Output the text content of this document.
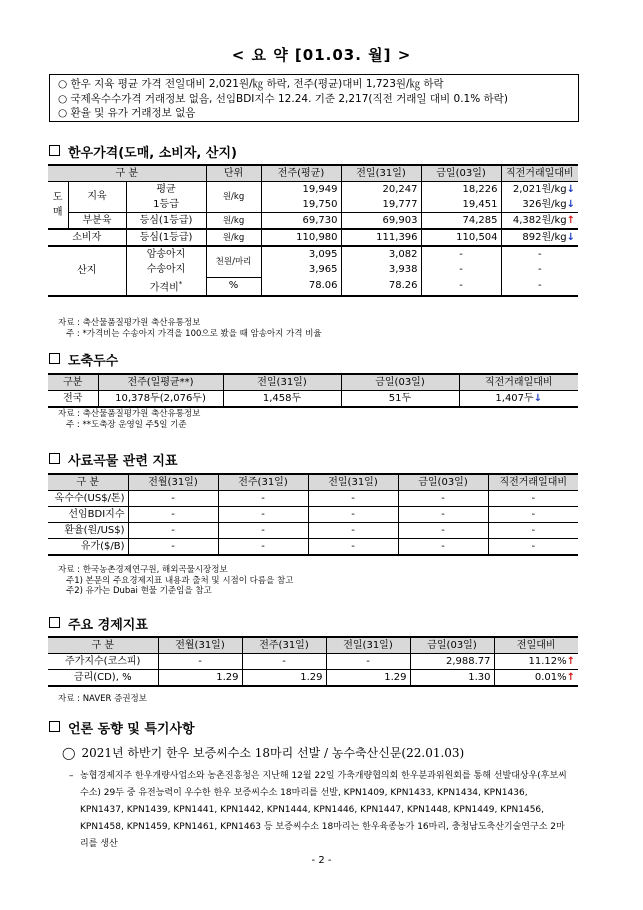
< 요 약 [01.03. 월] >
○ 한우 지육 평균 가격 전일대비 2,021원/㎏ 하락, 전주(평균)대비 1,723원/㎏ 하락
○ 국제옥수수가격 거래정보 없음, 선임BDI지수 12.24. 기준 2,217(직전 거래일 대비 0.1% 하락)
○ 환율 및 유가 거래정보 없음
한우가격(도매, 소비자, 산지)
구 분			단위	전주(평균)	전일(31일)	금일(03일)	직전거래일대비
도
매	지육	평균	원/kg	19,949	20,247	18,226	2,021원/kg↓
		1등급		19,750	19,777	19,451	326원/kg↓
	부분육	등심(1등급)	원/kg	69,730	69,903	74,285	4,382원/kg↑
소비자		등심(1등급)	원/kg	110,980	111,396	110,504	892원/kg↓
산지		암송아지	천원/마리	3,095	3,082	-	-
		수송아지		3,965	3,938	-	-
		가격비*	%	78.06	78.26	-	-
자료 : 축산물품질평가원 축산유통정보
주 : *가격비는 수송아지 가격을 100으로 봤을 때 암송아지 가격 비율
도축두수
구분	전주(일평균**)	전일(31일)	금일(03일)	직전거래일대비
전국	10,378두(2,076두)	1,458두	51두	1,407두↓
자료 : 축산물품질평가원 축산유통정보
주 : **도축장 운영일 주5일 기준
사료곡물 관련 지표
구 분	전월(31일)	전주(31일)	전일(31일)	금일(03일)	직전거래일대비
옥수수(US$/톤)	-	-	-	-	-
선임BDI지수	-	-	-	-	-
환율(원/US$)	-	-	-	-	-
유가($/B)	-	-	-	-	-
자료 : 한국농촌경제연구원, 해외곡물시장정보
주1) 본문의 주요경제지표 내용과 출처 및 시점이 다름을 참고
주2) 유가는 Dubai 현물 기준임을 참고
주요 경제지표
구 분	전월(31일)	전주(31일)	전일(31일)	금일(03일)	전일대비
주가지수(코스피)	-	-	-	2,988.77	11.12%↑
금리(CD), %	1.29	1.29	1.29	1.30	0.01%↑
자료 : NAVER 증권정보
언론 동향 및 특기사항
◯ 2021년 하반기 한우 보증씨수소 18마리 선발 / 농수축산신문(22.01.03)
– 농협경제지주 한우개량사업소와 농촌진흥청은 지난해 12월 22일 가축개량협의회 한우분과위원회를 통해 선발대상우(후보씨수소) 29두 중 유전능력이 우수한 한우 보증씨수소 18마리를 선발, KPN1409, KPN1433, KPN1434, KPN1436, KPN1437, KPN1439, KPN1441, KPN1442, KPN1444, KPN1446, KPN1447, KPN1448, KPN1449, KPN1456, KPN1458, KPN1459, KPN1461, KPN1463 등 보증씨수소 18마리는 한우육종농가 16마리, 충청남도축산기술연구소 2마리를 생산
- 2 -
